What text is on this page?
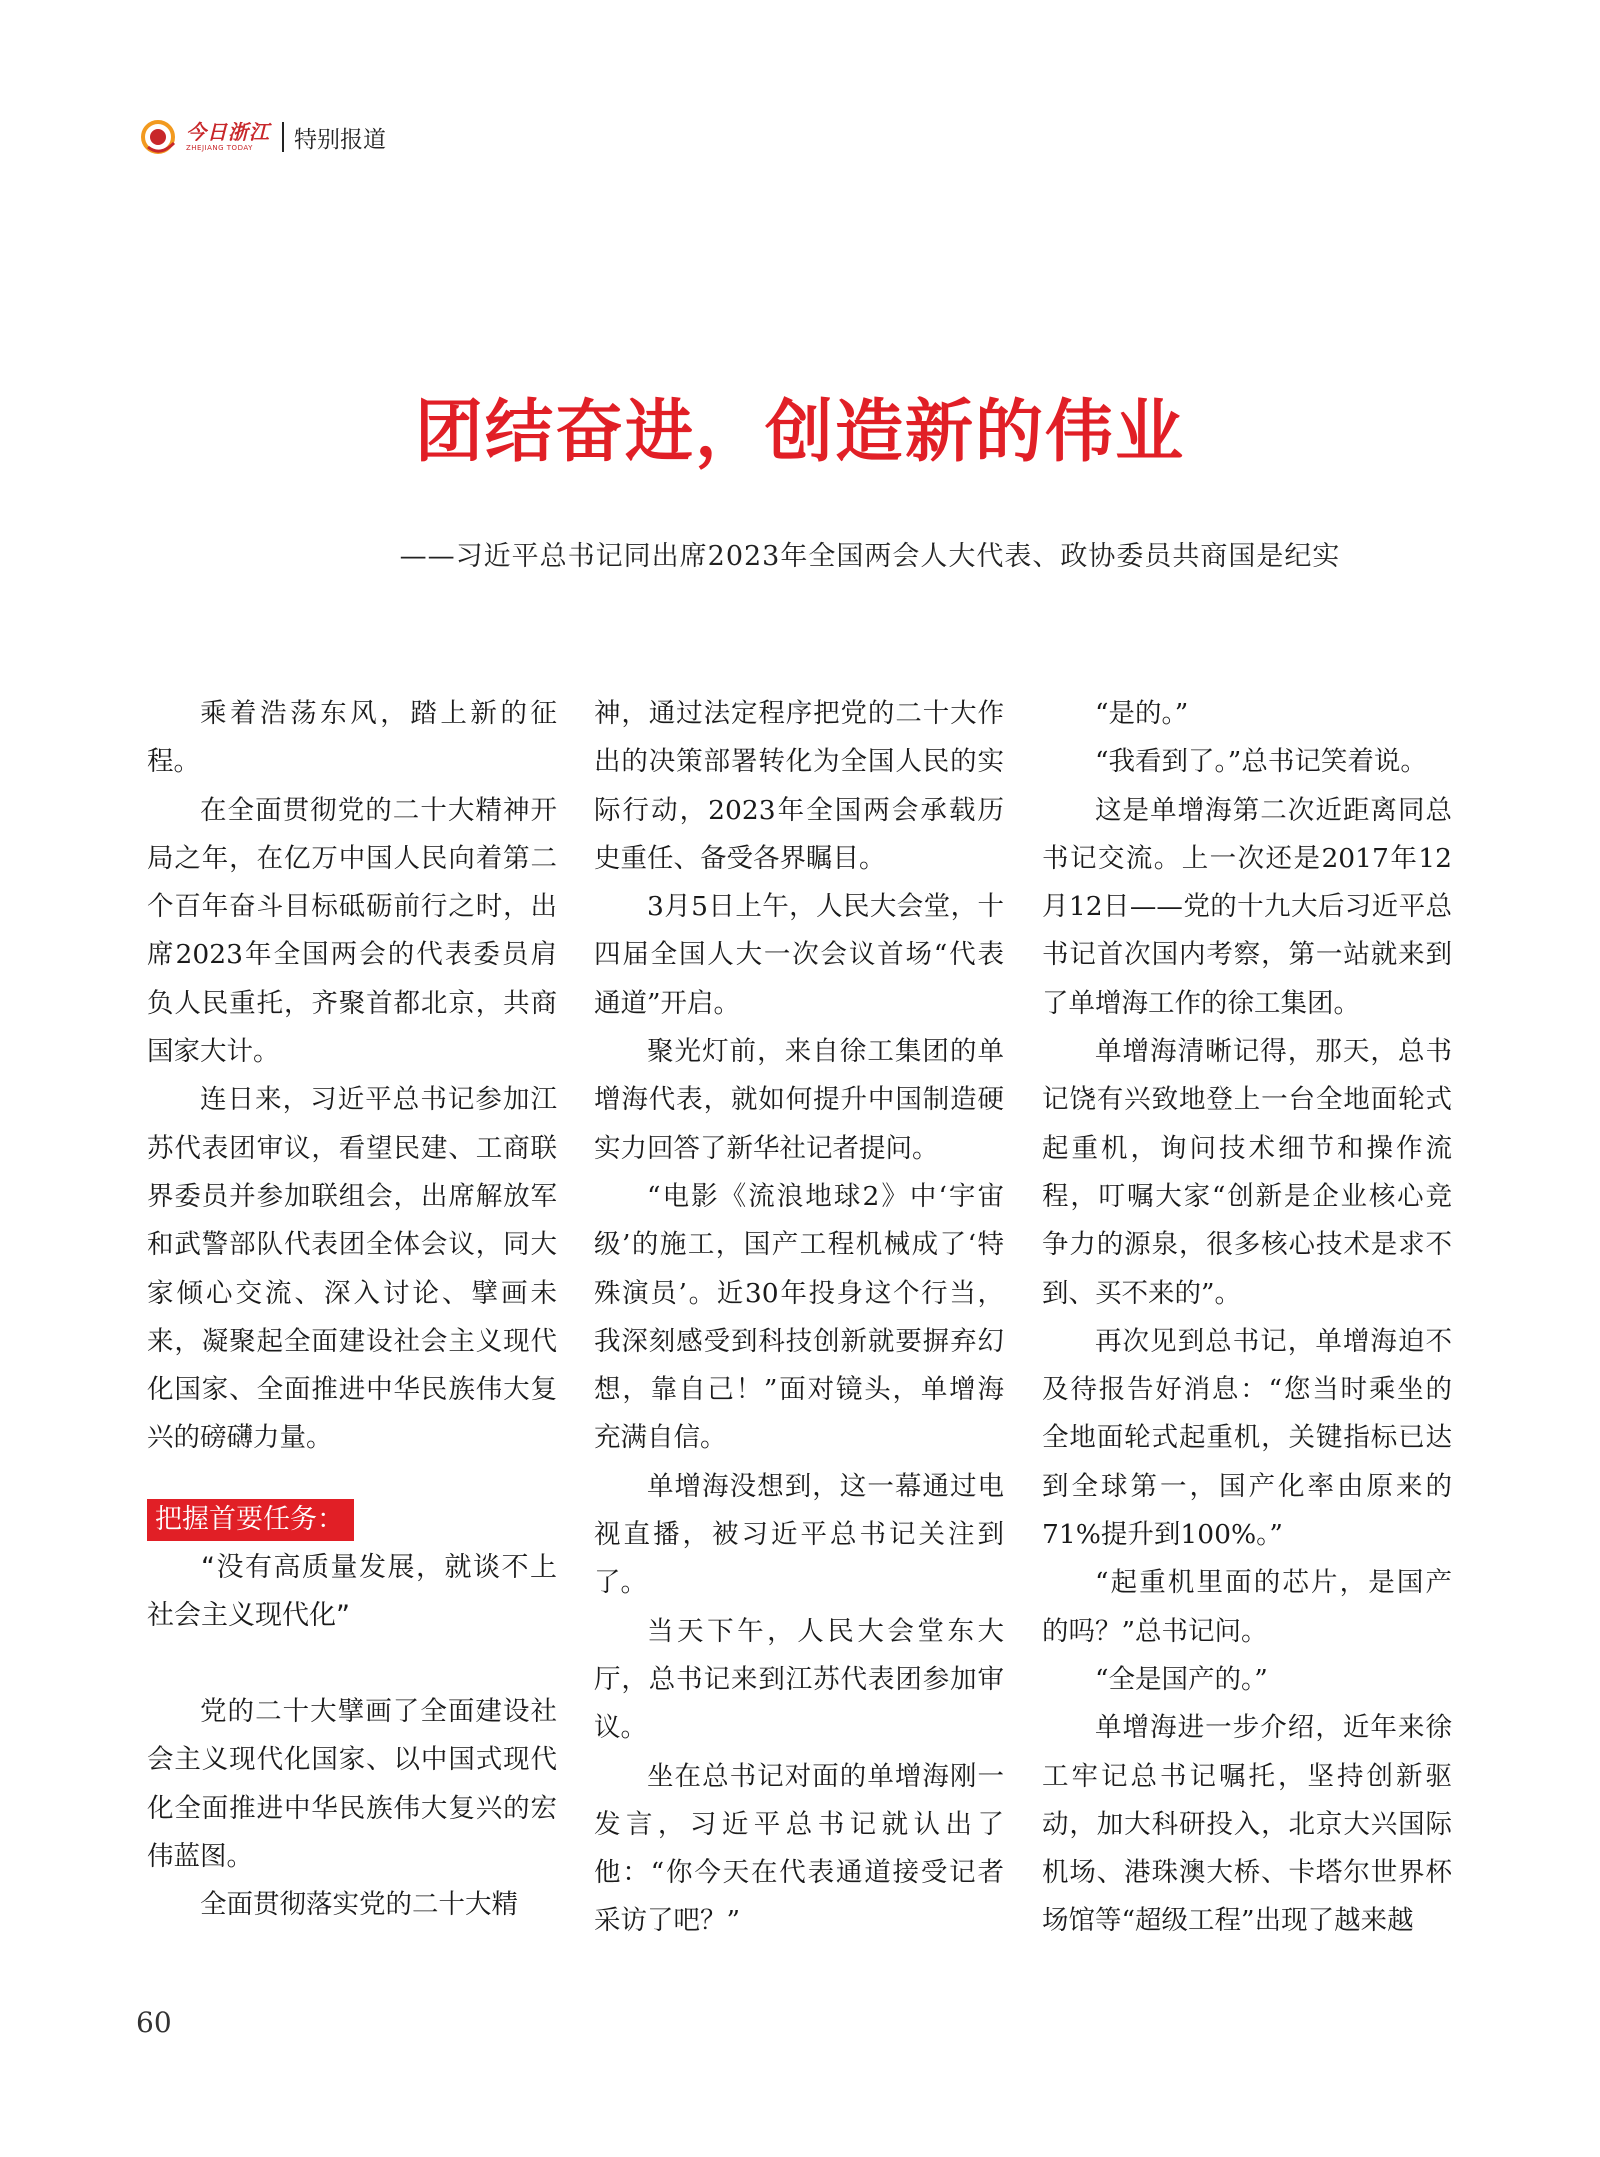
今日浙江
ZHEJIANG TODAY	特别报道
团结奋进，创造新的伟业
——习近平总书记同出席2023年全国两会人大代表、政协委员共商国是纪实

乘着浩荡东风，踏上新的征程。

在全面贯彻党的二十大精神开局之年，在亿万中国人民向着第二个百年奋斗目标砥砺前行之时，出席2023年全国两会的代表委员肩负人民重托，齐聚首都北京，共商国家大计。

连日来，习近平总书记参加江苏代表团审议，看望民建、工商联界委员并参加联组会，出席解放军和武警部队代表团全体会议，同大家倾心交流、深入讨论、擘画未来，凝聚起全面建设社会主义现代化国家、全面推进中华民族伟大复兴的磅礴力量。

把握首要任务：

“没有高质量发展，就谈不上社会主义现代化”

党的二十大擘画了全面建设社会主义现代化国家、以中国式现代化全面推进中华民族伟大复兴的宏伟蓝图。

全面贯彻落实党的二十大精

神，通过法定程序把党的二十大作出的决策部署转化为全国人民的实际行动，2023年全国两会承载历史重任、备受各界瞩目。

3月5日上午，人民大会堂，十四届全国人大一次会议首场“代表通道”开启。

聚光灯前，来自徐工集团的单增海代表，就如何提升中国制造硬实力回答了新华社记者提问。

“电影《流浪地球2》中‘宇宙级’的施工，国产工程机械成了‘特殊演员’。近30年投身这个行当，我深刻感受到科技创新就要摒弃幻想，靠自己！”面对镜头，单增海充满自信。

单增海没想到，这一幕通过电视直播，被习近平总书记关注到了。

当天下午，人民大会堂东大厅，总书记来到江苏代表团参加审议。

坐在总书记对面的单增海刚一发言，习近平总书记就认出了他：“你今天在代表通道接受记者采访了吧？”

“是的。”

“我看到了。”总书记笑着说。

这是单增海第二次近距离同总书记交流。上一次还是2017年12月12日——党的十九大后习近平总书记首次国内考察，第一站就来到了单增海工作的徐工集团。

单增海清晰记得，那天，总书记饶有兴致地登上一台全地面轮式起重机，询问技术细节和操作流程，叮嘱大家“创新是企业核心竞争力的源泉，很多核心技术是求不到、买不来的”。

再次见到总书记，单增海迫不及待报告好消息：“您当时乘坐的全地面轮式起重机，关键指标已达到全球第一，国产化率由原来的71%提升到100%。”

“起重机里面的芯片，是国产的吗？”总书记问。

“全是国产的。”

单增海进一步介绍，近年来徐工牢记总书记嘱托，坚持创新驱动，加大科研投入，北京大兴国际机场、港珠澳大桥、卡塔尔世界杯场馆等“超级工程”出现了越来越

60
